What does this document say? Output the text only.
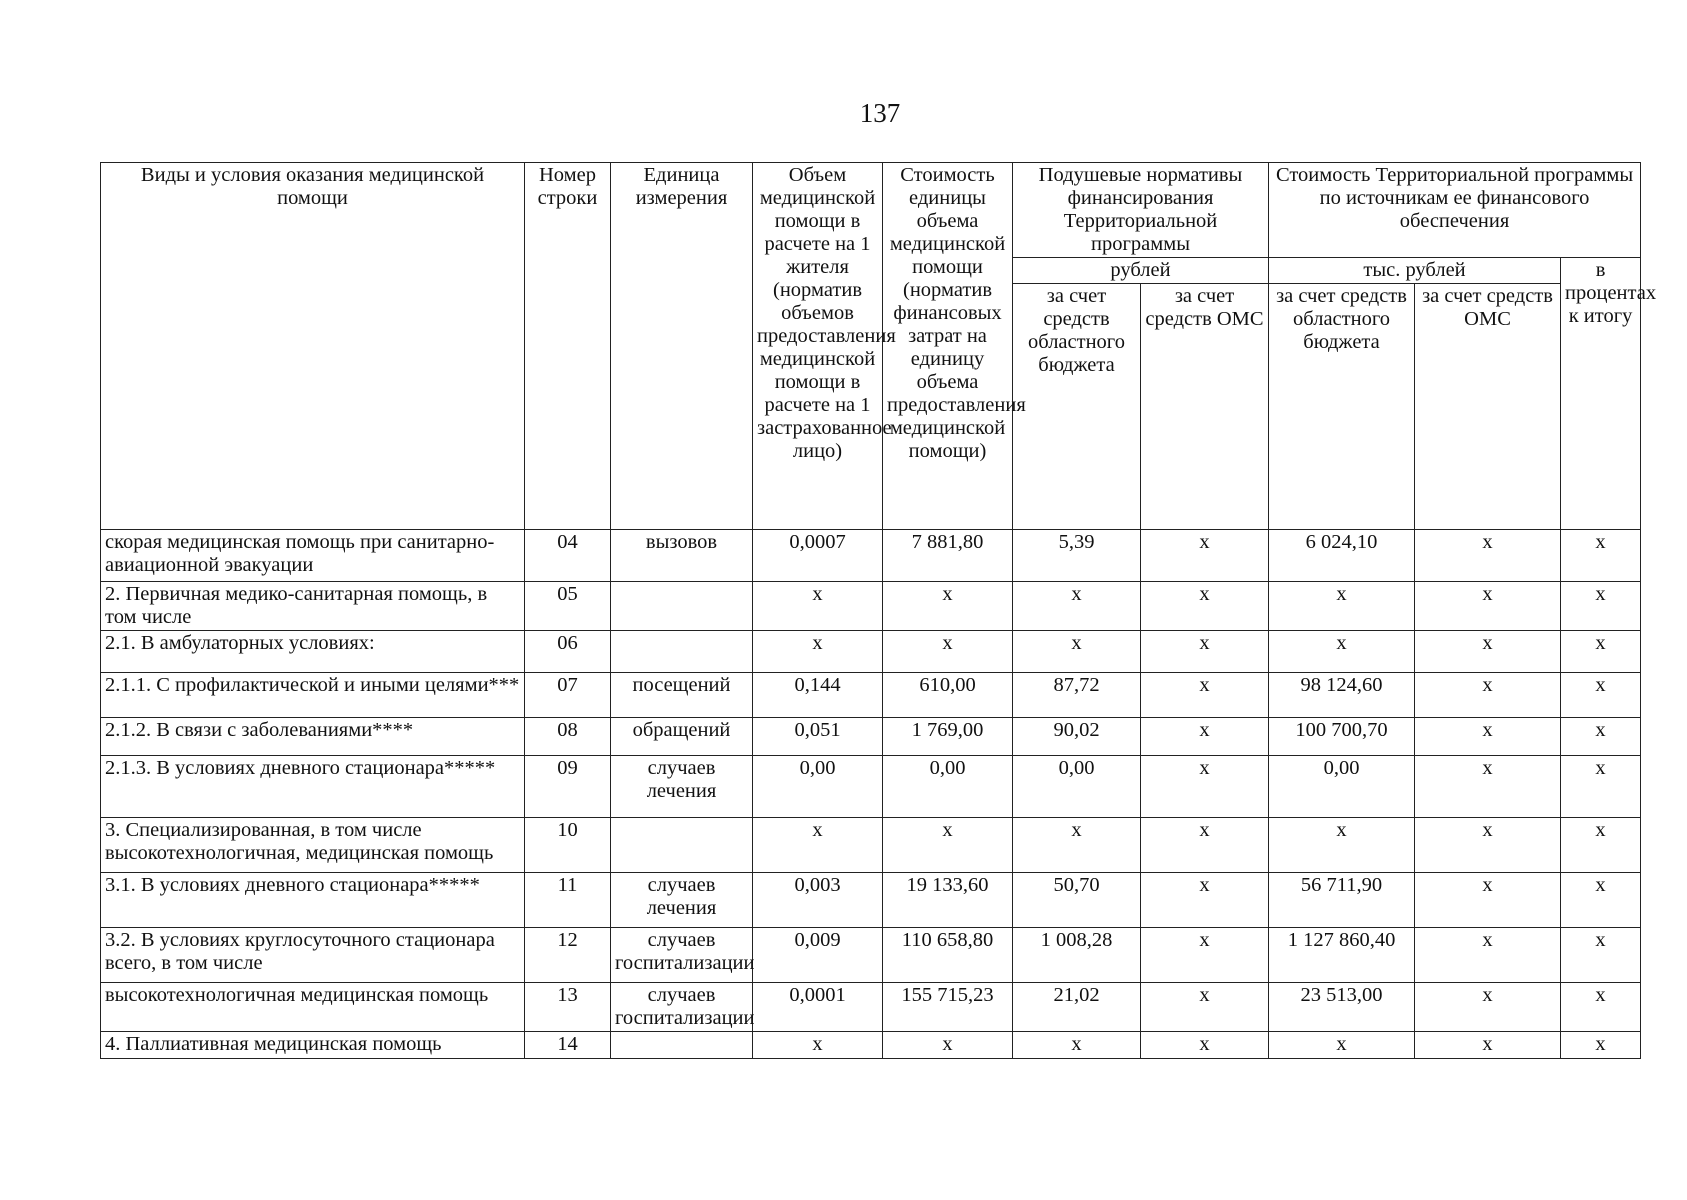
137
Виды и условия оказания медицинской помощи	Номер строки	Единица измерения	Объем медицинской помощи в расчете на 1 жителя (норматив объемов предоставления медицинской помощи в расчете на 1 застрахованное лицо)	Стоимость единицы объема медицинской помощи (норматив финансовых затрат на единицу объема предоставления медицинской помощи)	Подушевые нормативы финансирования Территориальной программы		Стоимость Территориальной программы по источникам ее финансового обеспечения		
					рублей		тыс. рублей		в процентах к итогу
					за счет средств областного бюджета	за счет средств ОМС	за счет средств областного бюджета	за счет средств ОМС	
скорая медицинская помощь при санитарно-авиационной эвакуации	04	вызовов	0,0007	7 881,80	5,39	x	6 024,10	x	x
2. Первичная медико-санитарная помощь, в том числе	05		x	x	x	x	x	x	x
2.1. В амбулаторных условиях:	06		x	x	x	x	x	x	x
2.1.1. С профилактической и иными целями***	07	посещений	0,144	610,00	87,72	x	98 124,60	x	x
2.1.2. В связи с заболеваниями****	08	обращений	0,051	1 769,00	90,02	x	100 700,70	x	x
2.1.3. В условиях дневного стационара*****	09	случаев лечения	0,00	0,00	0,00	x	0,00	x	x
3. Специализированная, в том числе высокотехнологичная, медицинская помощь	10		x	x	x	x	x	x	x
3.1. В условиях дневного стационара*****	11	случаев лечения	0,003	19 133,60	50,70	x	56 711,90	x	x
3.2. В условиях круглосуточного стационара всего, в том числе	12	случаев госпитализации	0,009	110 658,80	1 008,28	x	1 127 860,40	x	x
высокотехнологичная медицинская помощь	13	случаев госпитализации	0,0001	155 715,23	21,02	x	23 513,00	x	x
4. Паллиативная медицинская помощь	14		x	x	x	x	x	x	x
